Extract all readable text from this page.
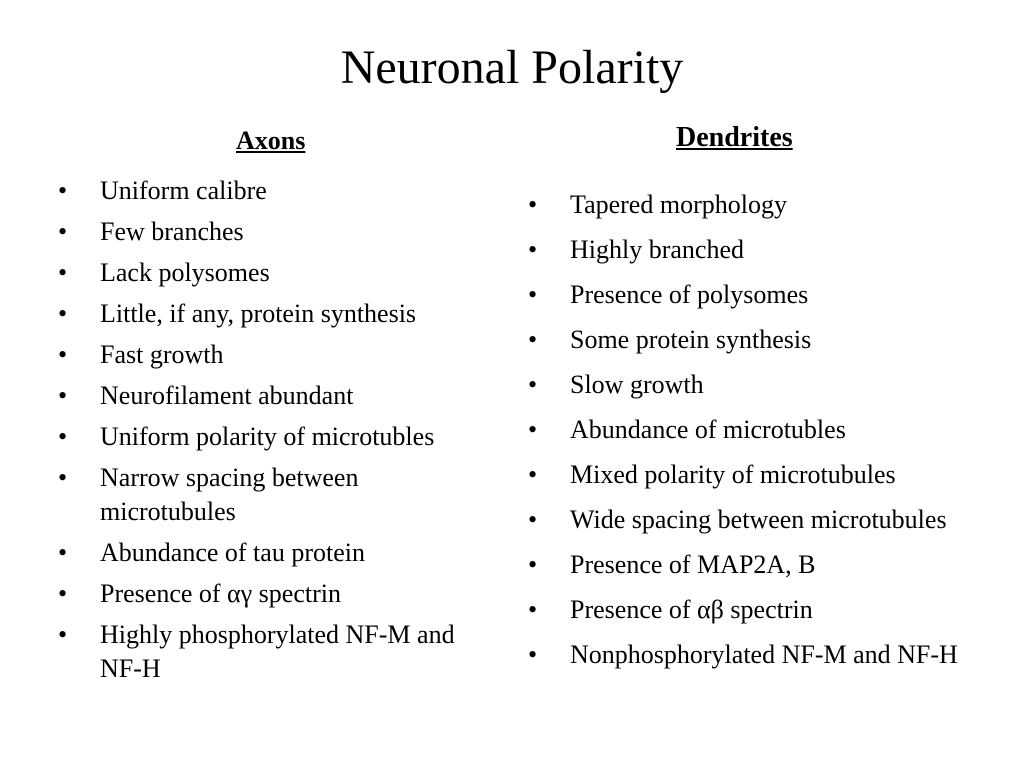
Neuronal Polarity
Axons
•	Uniform calibre
•	Few branches
•	Lack polysomes
•	Little, if any, protein synthesis
•	Fast growth
•	Neurofilament abundant
•	Uniform polarity of microtubles
•	Narrow spacing between microtubules
•	Abundance of tau protein
•	Presence of αγ spectrin
•	Highly phosphorylated NF-M and NF-H
Dendrites
•	Tapered morphology
•	Highly branched
•	Presence of polysomes
•	Some protein synthesis
•	Slow growth
•	Abundance of microtubles
•	Mixed polarity of microtubules
•	Wide spacing between microtubules
•	Presence of MAP2A, B
•	Presence of αβ spectrin
•	Nonphosphorylated NF-M and NF-H
